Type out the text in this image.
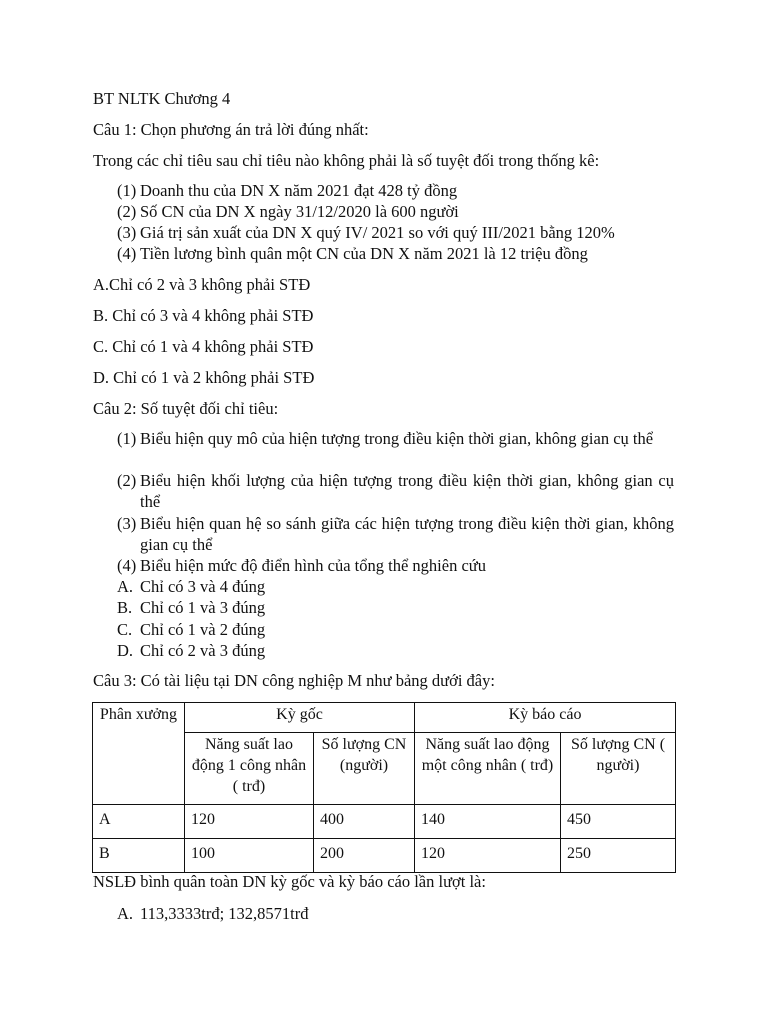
BT NLTK Chương 4
Câu 1: Chọn phương án trả lời đúng nhất:
Trong các chỉ tiêu sau chỉ tiêu nào không phải là số tuyệt đối trong thống kê:
(1) Doanh thu của DN X năm 2021 đạt 428 tỷ đồng
(2) Số CN của DN X ngày 31/12/2020 là 600 người
(3) Giá trị sản xuất của DN X quý IV/ 2021 so với quý III/2021 bằng 120%
(4) Tiền lương bình quân một CN của DN X năm 2021 là 12 triệu đồng
A.Chỉ có 2 và 3 không phải STĐ
B. Chỉ có 3 và 4 không phải STĐ
C. Chỉ có 1 và 4 không phải STĐ
D. Chỉ có 1 và 2 không phải STĐ
Câu 2: Số tuyệt đối chỉ tiêu:
(1) Biểu hiện quy mô của hiện tượng trong điều kiện thời gian, không gian cụ thể
(2) Biểu hiện khối lượng của hiện tượng trong điều kiện thời gian, không gian cụ thể
(3) Biểu hiện quan hệ so sánh giữa các hiện tượng trong điều kiện thời gian, không gian cụ thể
(4) Biểu hiện mức độ điển hình của tổng thể nghiên cứu
A. Chỉ có 3 và 4 đúng
B. Chỉ có 1 và 3 đúng
C. Chỉ có 1 và 2 đúng
D. Chỉ có 2 và 3 đúng
Câu 3: Có tài liệu tại DN công nghiệp M như bảng dưới đây:
Phân xưởng	Kỳ gốc		Kỳ báo cáo	
	Năng suất lao động 1 công nhân ( trđ)	Số lượng CN (người)	Năng suất lao động một công nhân ( trđ)	Số lượng CN ( người)
A	120	400	140	450
B	100	200	120	250
NSLĐ bình quân toàn DN kỳ gốc và kỳ báo cáo lần lượt là:
A. 113,3333trđ; 132,8571trđ
